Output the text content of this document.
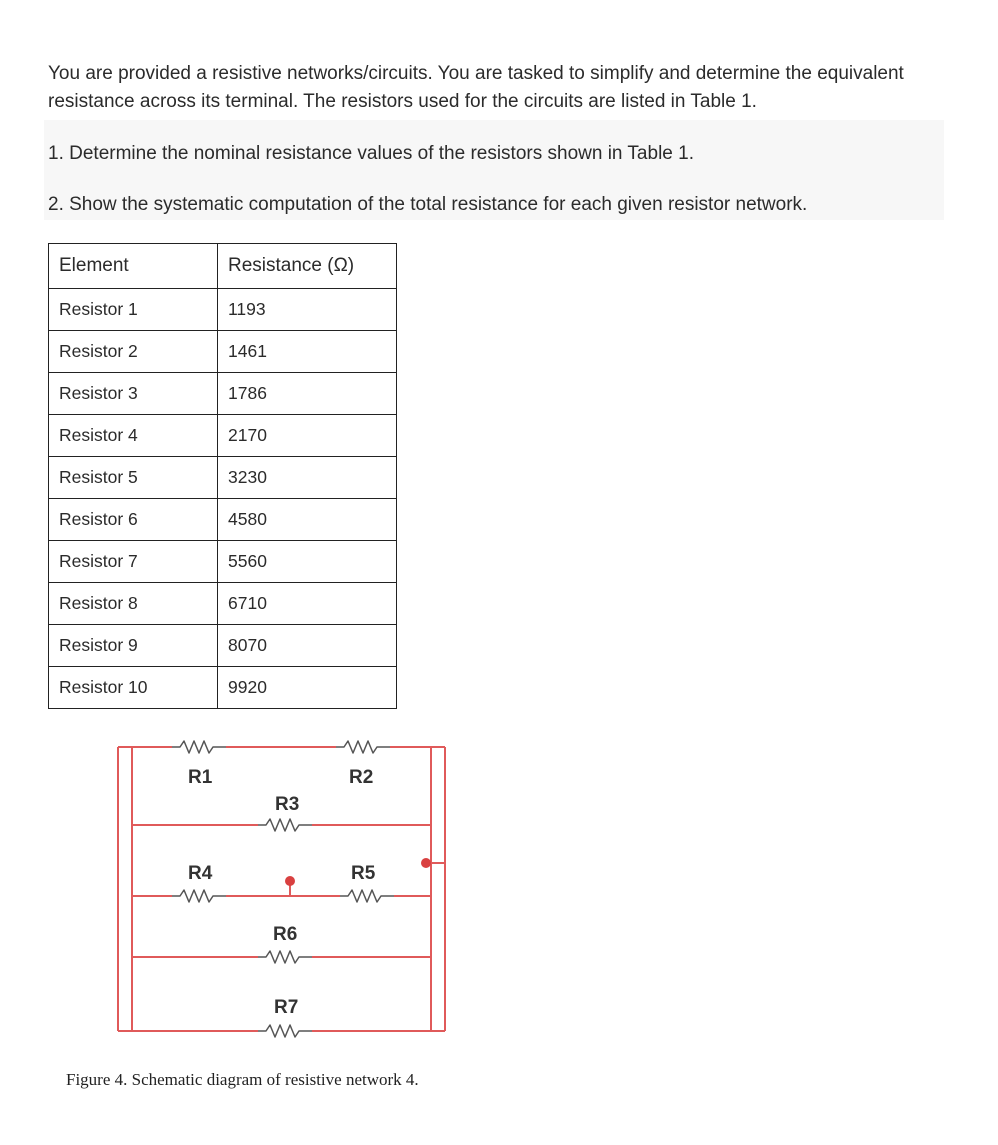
You are provided a resistive networks/circuits. You are tasked to simplify and determine the equivalent resistance across its terminal. The resistors used for the circuits are listed in Table 1.

1. Determine the nominal resistance values of the resistors shown in Table 1.

2. Show the systematic computation of the total resistance for each given resistor network.

Element	Resistance (Ω)
Resistor 1	1193
Resistor 2	1461
Resistor 3	1786
Resistor 4	2170
Resistor 5	3230
Resistor 6	4580
Resistor 7	5560
Resistor 8	6710
Resistor 9	8070
Resistor 10	9920
R1	R2
R3
R4	R5
R6
R7

Figure 4. Schematic diagram of resistive network 4.
